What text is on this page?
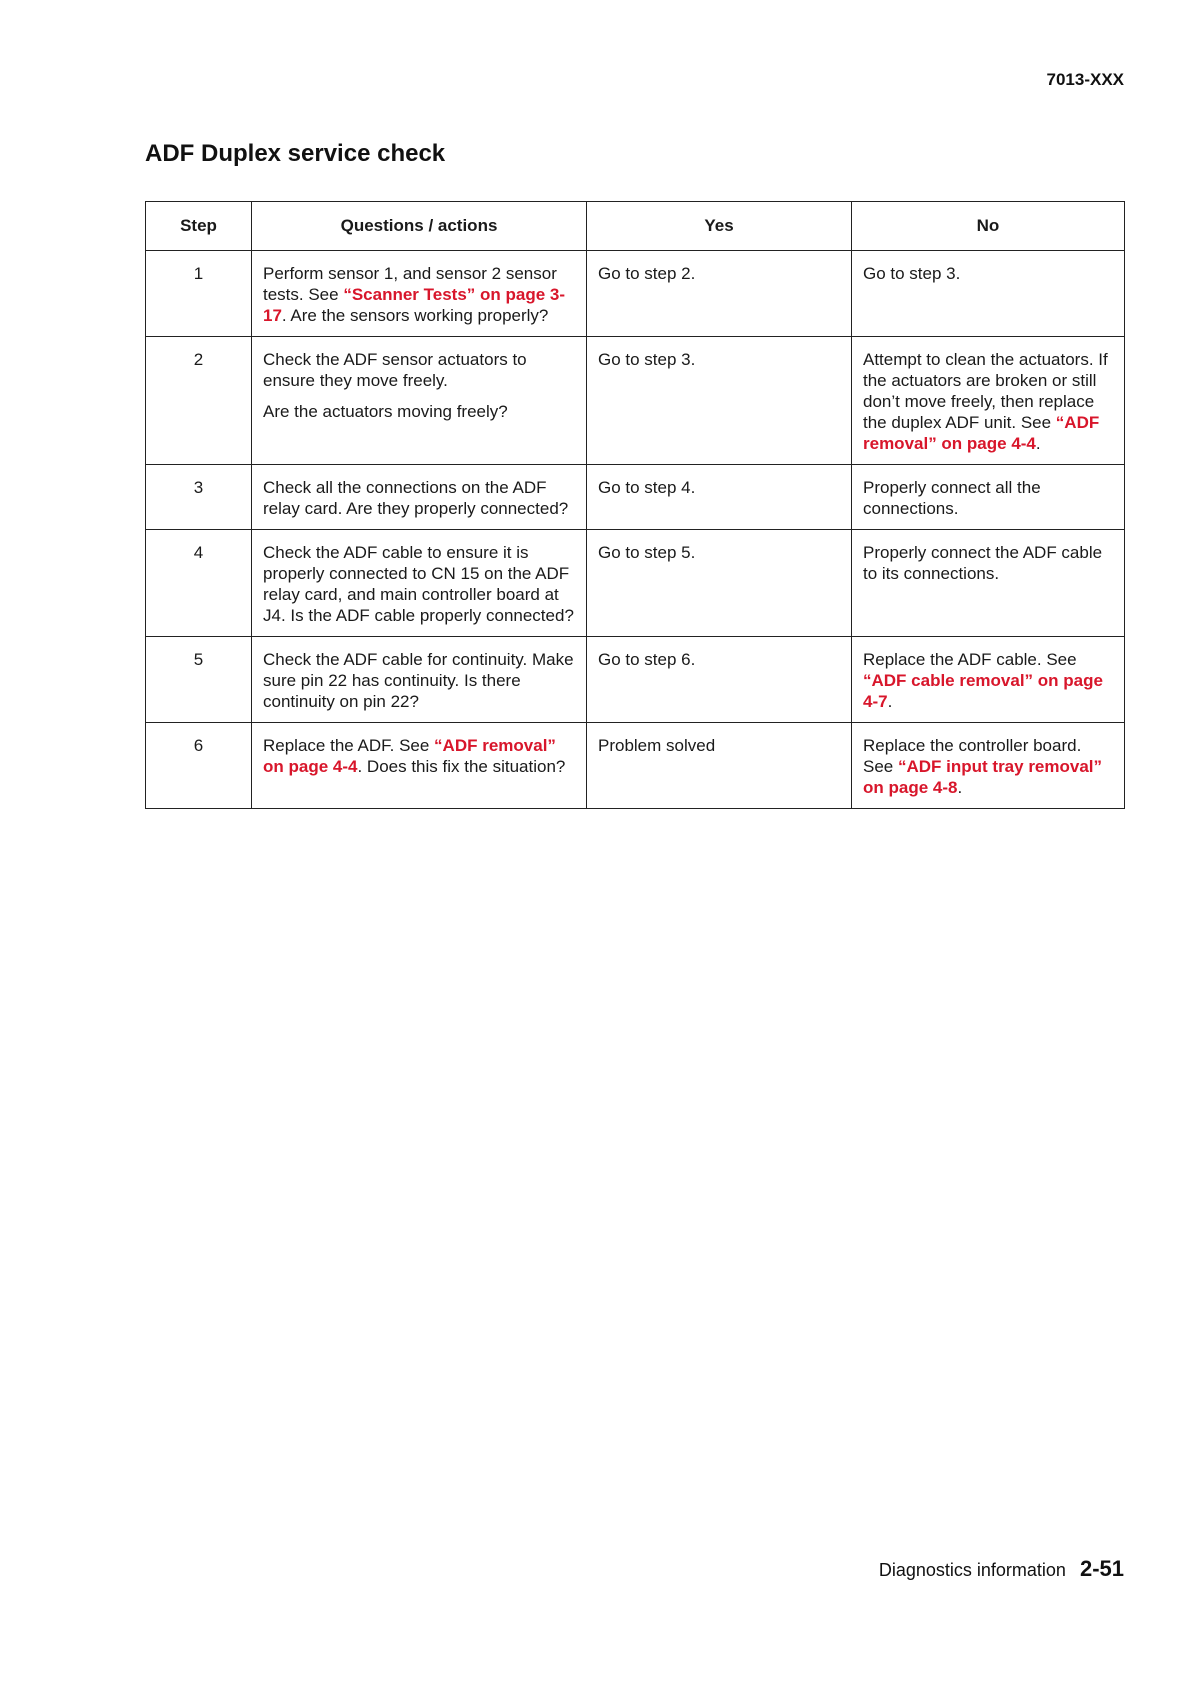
7013-XXX
ADF Duplex service check
Step	Questions / actions	Yes	No
1	Perform sensor 1, and sensor 2 sensor tests. See “Scanner Tests” on page 3-17. Are the sensors working properly?	Go to step 2.	Go to step 3.

2	Check the ADF sensor actuators to ensure they move freely.
Are the actuators moving freely?	Go to step 3.	Attempt to clean the actuators. If the actuators are broken or still don’t move freely, then replace the duplex ADF unit. See “ADF removal” on page 4-4.

3	Check all the connections on the ADF relay card. Are they properly connected?	Go to step 4.	Properly connect all the connections.

4	Check the ADF cable to ensure it is properly connected to CN 15 on the ADF relay card, and main controller board at J4. Is the ADF cable properly connected?	Go to step 5.	Properly connect the ADF cable to its connections.

5	Check the ADF cable for continuity. Make sure pin 22 has continuity. Is there continuity on pin 22?	Go to step 6.	Replace the ADF cable. See “ADF cable removal” on page 4-7.

6	Replace the ADF. See “ADF removal” on page 4-4. Does this fix the situation?	Problem solved	Replace the controller board. See “ADF input tray removal” on page 4-8.
Diagnostics information 2-51
